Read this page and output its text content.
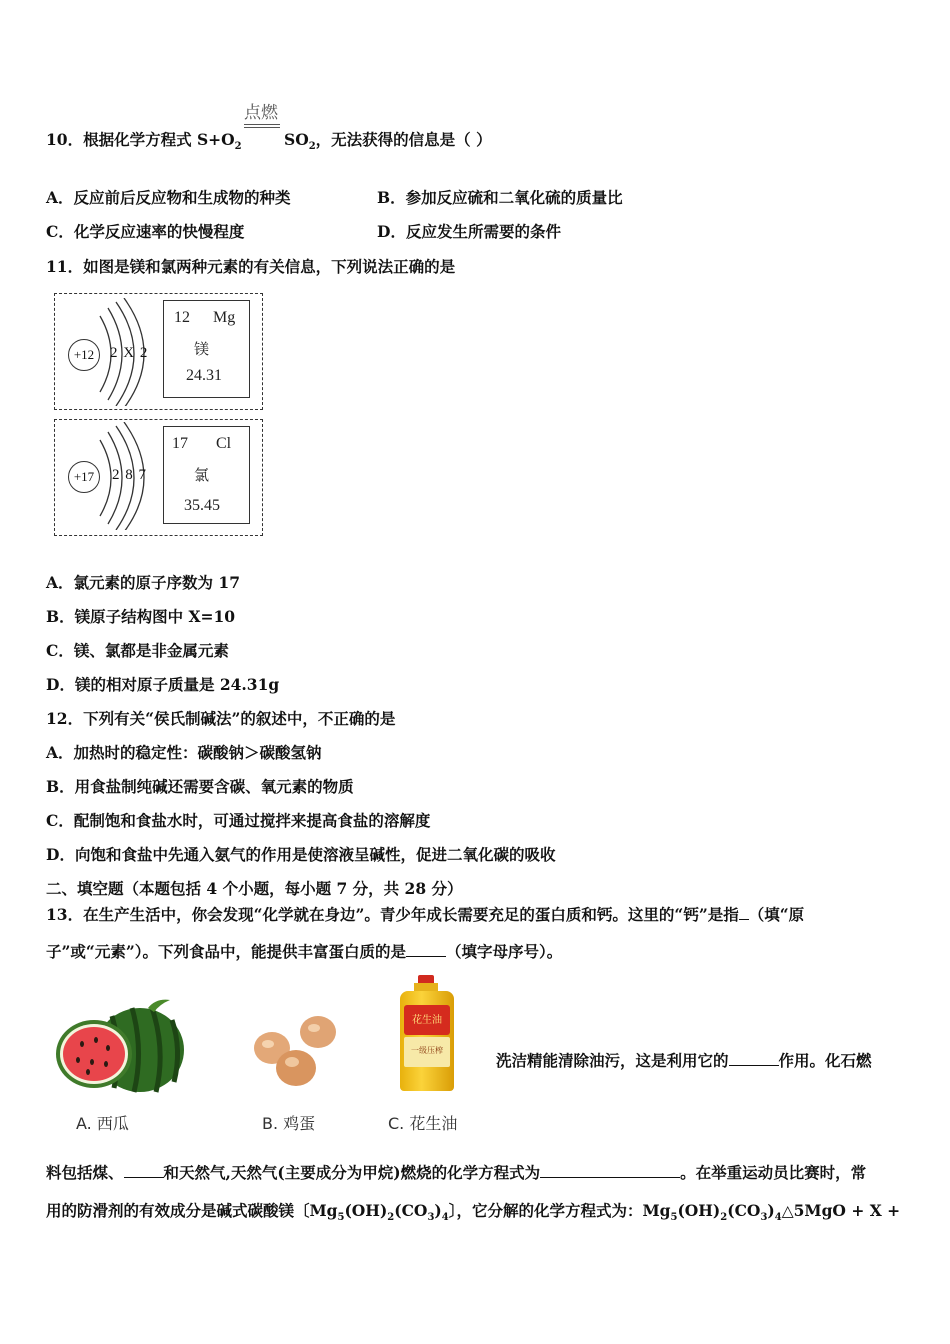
点燃
10．根据化学方程式 $S+O_2$	$SO_2$，无法获得的信息是（ ）
A．反应前后反应物和生成物的种类	B．参加反应硫和二氧化硫的质量比
C．化学反应速率的快慢程度	D．反应发生所需要的条件
11．如图是镁和氯两种元素的有关信息，下列说法正确的是
+12	2 X 2
12 Mg
镁
24.31
+17	2 8 7
17 Cl
氯
35.45
A．氯元素的原子序数为 17
B．镁原子结构图中 X=10
C．镁、氯都是非金属元素
D．镁的相对原子质量是 24.31g
12．下列有关“侯氏制碱法”的叙述中，不正确的是
A．加热时的稳定性：碳酸钠＞碳酸氢钠
B．用食盐制纯碱还需要含碳、氧元素的物质
C．配制饱和食盐水时，可通过搅拌来提高食盐的溶解度
D．向饱和食盐中先通入氨气的作用是使溶液呈碱性，促进二氧化碳的吸收
二、填空题（本题包括 4 个小题，每小题 7 分，共 28 分）
13．在生产生活中，你会发现“化学就在身边”。青少年成长需要充足的蛋白质和钙。这里的“钙”是指 （填“原
子”或“元素”）。下列食品中，能提供丰富蛋白质的是	（填字母序号）。
A. 西瓜	B. 鸡蛋
花生油
一级压榨
C. 花生油
洗洁精能清除油污，这是利用它的	作用。化石燃
料包括煤、	和天然气,天然气(主要成分为甲烷)燃烧的化学方程式为	。在举重运动员比赛时，常
用的防滑剂的有效成分是碱式碳酸镁〔$Mg_5(OH)_2(CO_3)_4$〕，它分解的化学方程式为：$Mg_5(OH)_2(CO_3)_4\triangle 5MgO + X$ +
